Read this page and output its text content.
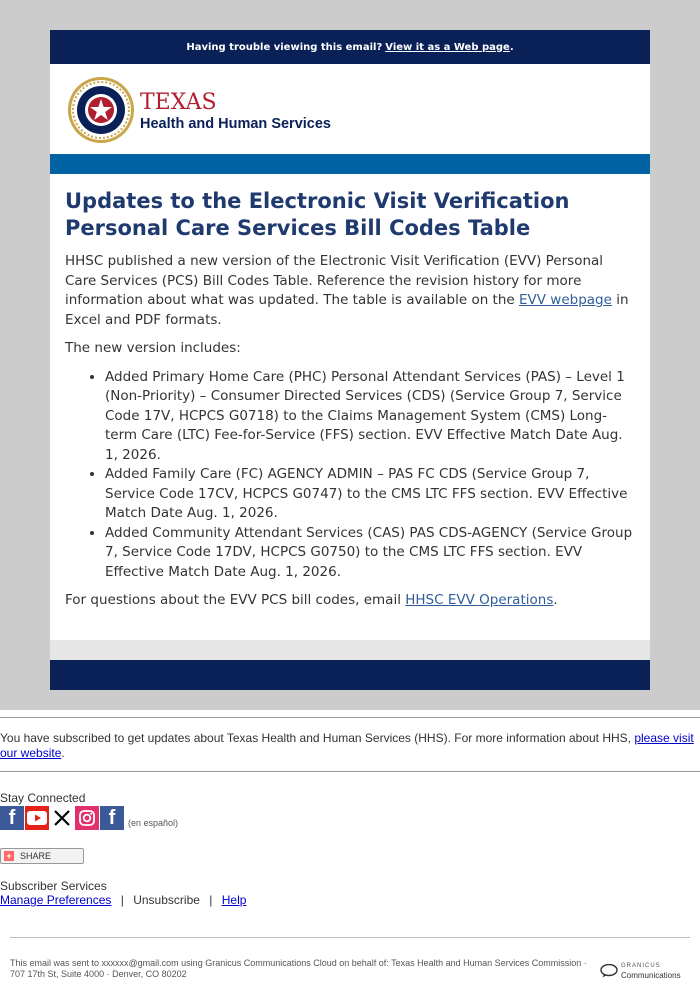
Having trouble viewing this email? View it as a Web page .
TEXAS
Health and Human Services
Updates to the Electronic Visit Verification Personal Care Services Bill Codes Table

HHSC published a new version of the Electronic Visit Verification (EVV) Personal Care Services (PCS) Bill Codes Table. Reference the revision history for more information about what was updated. The table is available on the EVV webpage in Excel and PDF formats.

The new version includes:

• Added Primary Home Care (PHC) Personal Attendant Services (PAS) – Level 1 (Non-Priority) – Consumer Directed Services (CDS) (Service Group 7, Service Code 17V, HCPCS G0718) to the Claims Management System (CMS) Long-term Care (LTC) Fee-for-Service (FFS) section. EVV Effective Match Date Aug. 1, 2026.
• Added Family Care (FC) AGENCY ADMIN – PAS FC CDS (Service Group 7, Service Code 17CV, HCPCS G0747) to the CMS LTC FFS section. EVV Effective Match Date Aug. 1, 2026.
• Added Community Attendant Services (CAS) PAS CDS-AGENCY (Service Group 7, Service Code 17DV, HCPCS G0750) to the CMS LTC FFS section. EVV Effective Match Date Aug. 1, 2026.

For questions about the EVV PCS bill codes, email HHSC EVV Operations.

You have subscribed to get updates about Texas Health and Human Services (HHS). For more information about HHS, please visit our website.
Stay Connected
f	f	(en español)
+ SHARE
Subscriber Services
Manage Preferences | Unsubscribe | Help
This email was sent to xxxxxx@gmail.com using Granicus Communications Cloud on behalf of: Texas Health and Human Services Commission · 707 17th St, Suite 4000 · Denver, CO 80202
GRANICUS
Communications
